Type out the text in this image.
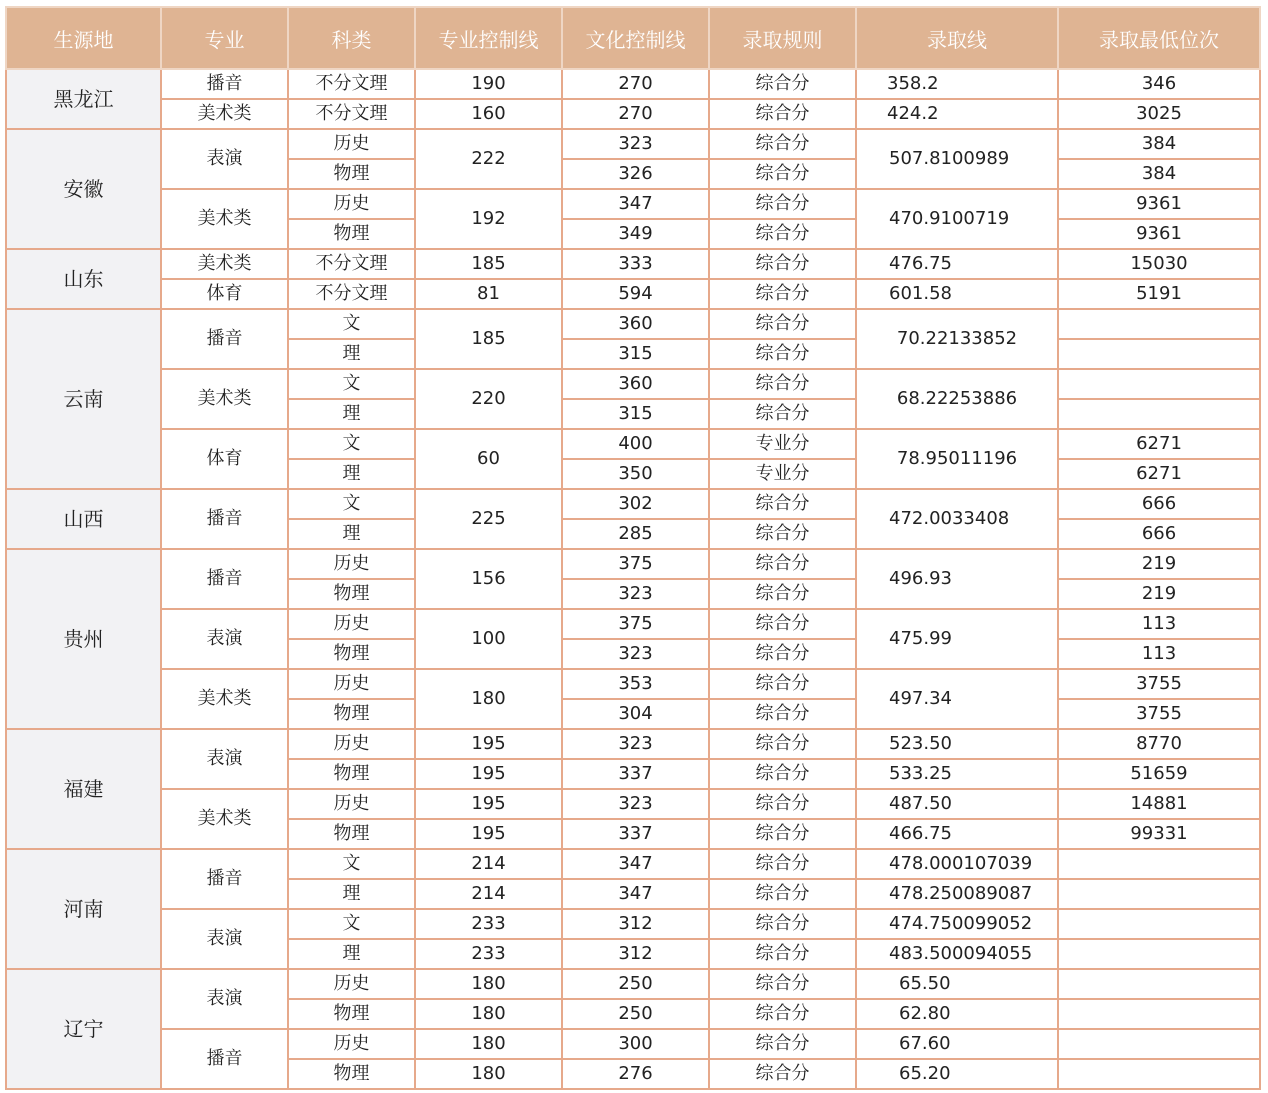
生源地	专业	科类	专业控制线	文化控制线	录取规则	录取线	录取最低位次
黑龙江	播音	不分文理	190	270	综合分	358.2	346
	美术类	不分文理	160	270	综合分	424.2	3025
安徽	表演	历史	222	323	综合分	507.8100989	384
		物理		326	综合分		384
	美术类	历史	192	347	综合分	470.9100719	9361
		物理		349	综合分		9361
山东	美术类	不分文理	185	333	综合分	476.75	15030
	体育	不分文理	81	594	综合分	601.58	5191
云南	播音	文	185	360	综合分	70.22133852	
		理		315	综合分		
	美术类	文	220	360	综合分	68.22253886	
		理		315	综合分		
	体育	文	60	400	专业分	78.95011196	6271
		理		350	专业分		6271
山西	播音	文	225	302	综合分	472.0033408	666
		理		285	综合分		666
贵州	播音	历史	156	375	综合分	496.93	219
		物理		323	综合分		219
	表演	历史	100	375	综合分	475.99	113
		物理		323	综合分		113
	美术类	历史	180	353	综合分	497.34	3755
		物理		304	综合分		3755
福建	表演	历史	195	323	综合分	523.50	8770
		物理	195	337	综合分	533.25	51659
	美术类	历史	195	323	综合分	487.50	14881
		物理	195	337	综合分	466.75	99331
河南	播音	文	214	347	综合分	478.000107039	
		理	214	347	综合分	478.250089087	
	表演	文	233	312	综合分	474.750099052	
		理	233	312	综合分	483.500094055	
辽宁	表演	历史	180	250	综合分	65.50	
		物理	180	250	综合分	62.80	
	播音	历史	180	300	综合分	67.60	
		物理	180	276	综合分	65.20	
